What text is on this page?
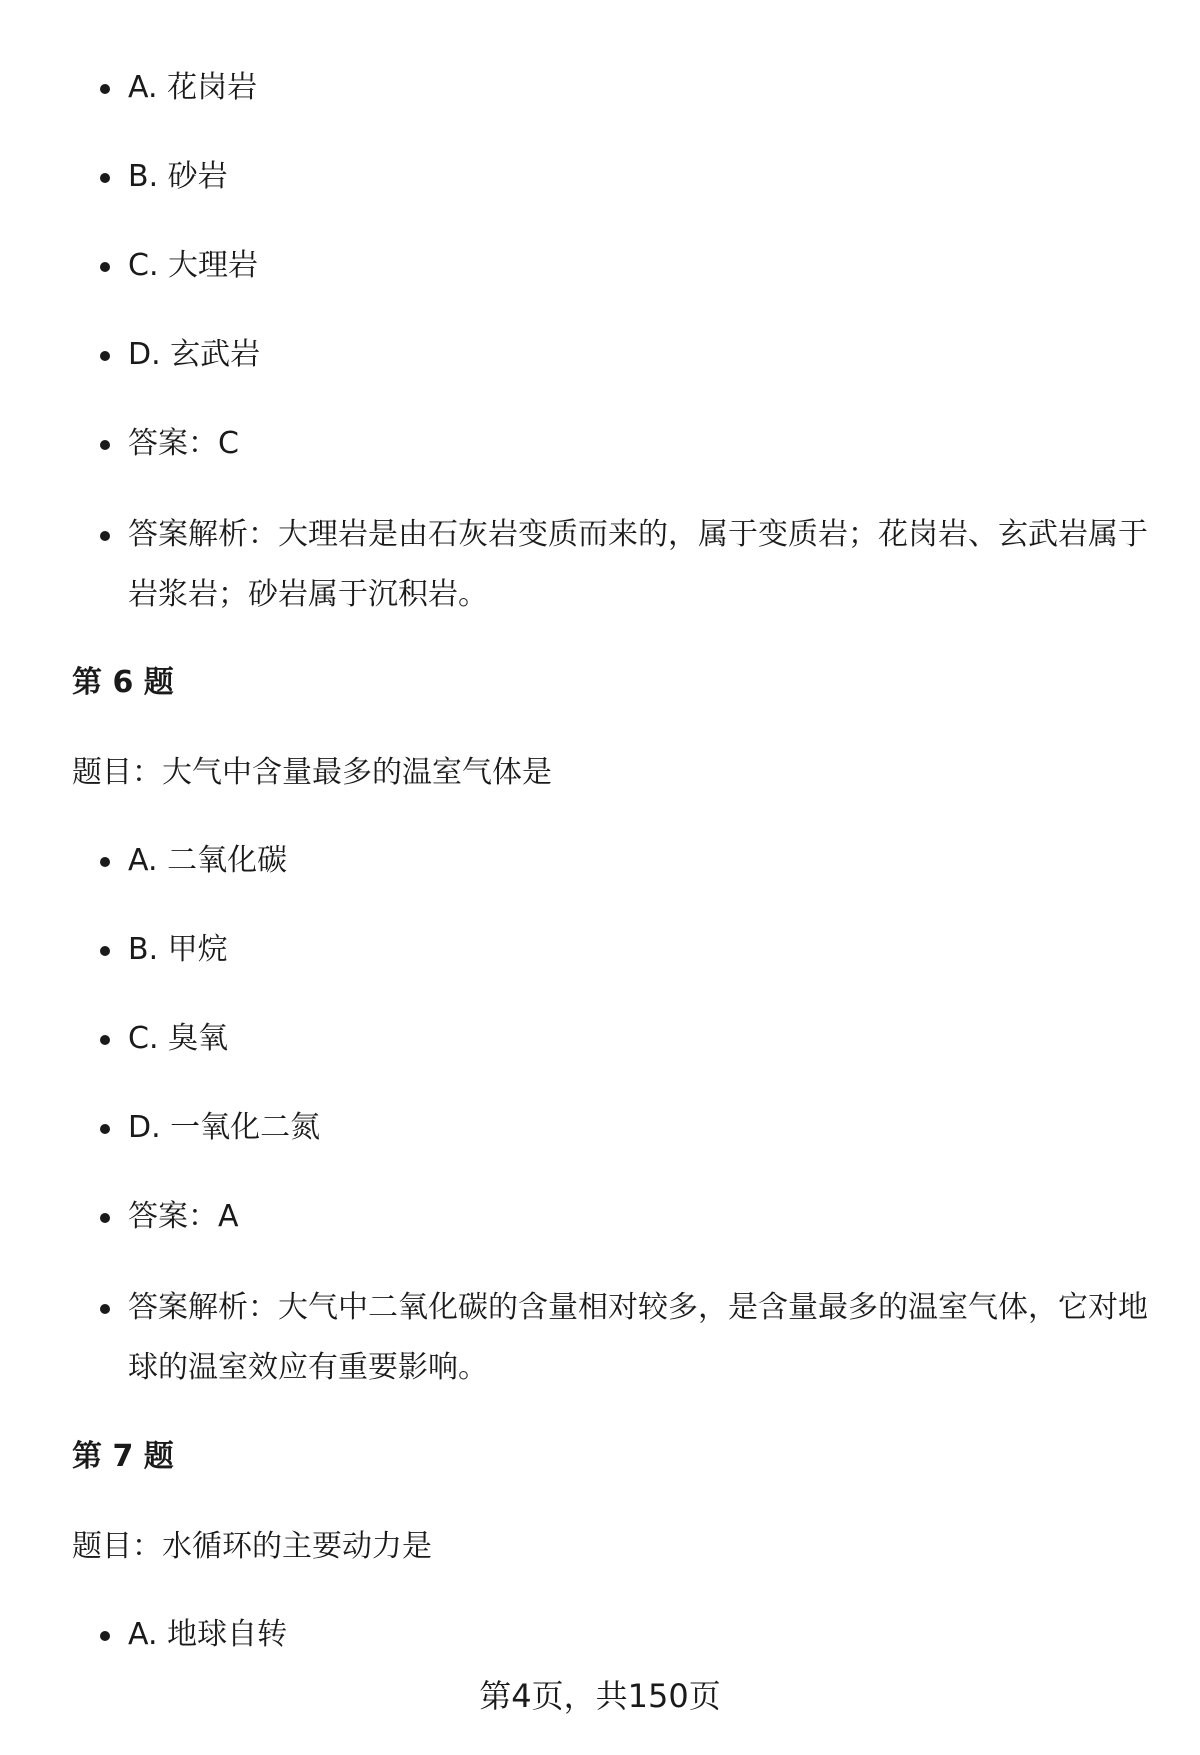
A. 花岗岩
B. 砂岩
C. 大理岩
D. 玄武岩
答案：C
答案解析：大理岩是由石灰岩变质而来的，属于变质岩；花岗岩、玄武岩属于岩浆岩；砂岩属于沉积岩。
第 6 题
题目：大气中含量最多的温室气体是
A. 二氧化碳
B. 甲烷
C. 臭氧
D. 一氧化二氮
答案：A
答案解析：大气中二氧化碳的含量相对较多，是含量最多的温室气体，它对地球的温室效应有重要影响。
第 7 题
题目：水循环的主要动力是
A. 地球自转
第4页，共150页
